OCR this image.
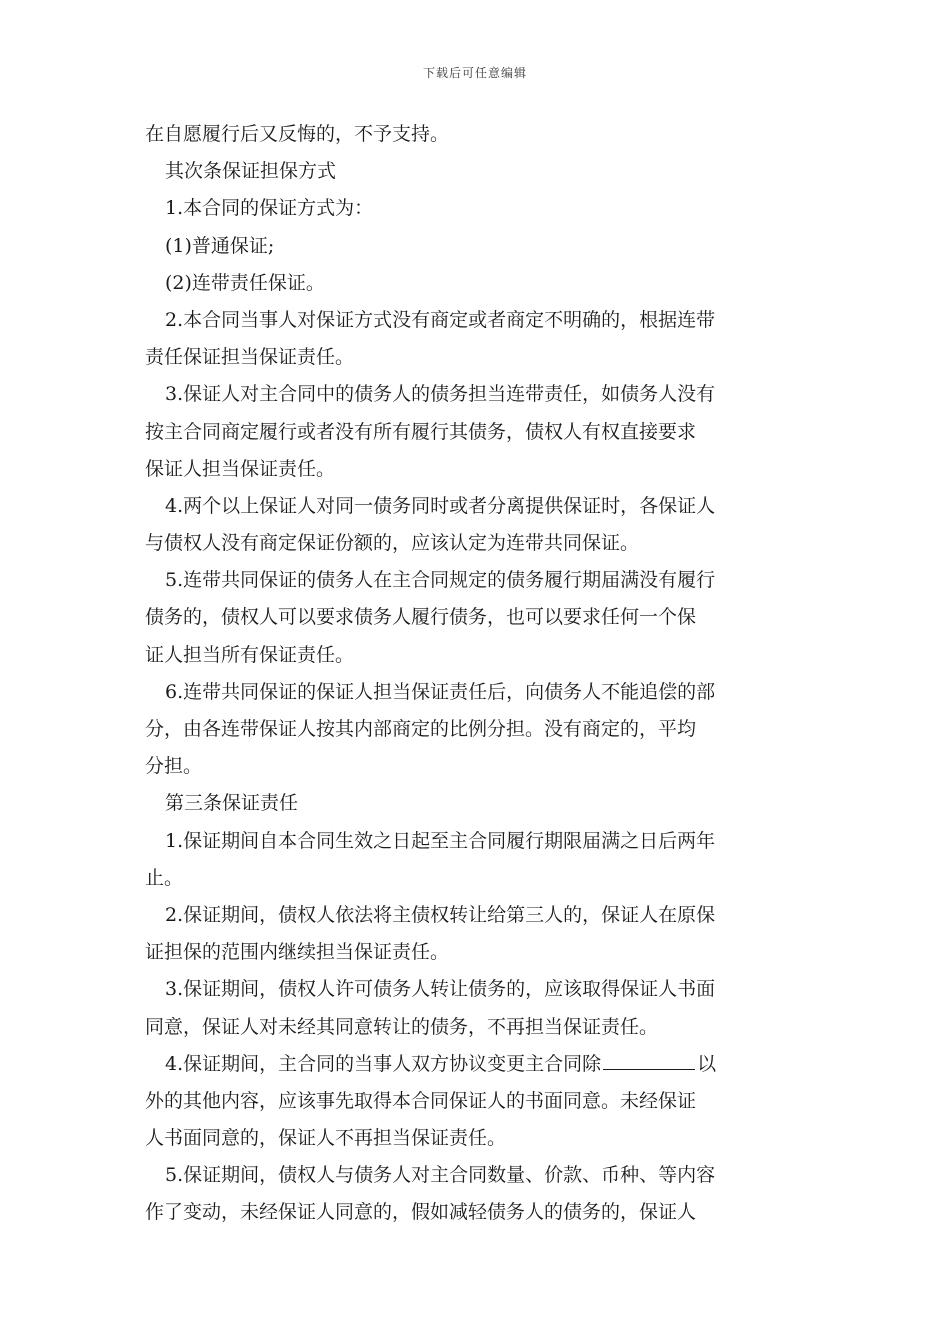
下载后可任意编辑
在自愿履行后又反悔的，不予支持。
其次条保证担保方式
1.本合同的保证方式为：
(1)普通保证;
(2)连带责任保证。
2.本合同当事人对保证方式没有商定或者商定不明确的，根据连带
责任保证担当保证责任。
3.保证人对主合同中的债务人的债务担当连带责任，如债务人没有
按主合同商定履行或者没有所有履行其债务，债权人有权直接要求
保证人担当保证责任。
4.两个以上保证人对同一债务同时或者分离提供保证时，各保证人
与债权人没有商定保证份额的，应该认定为连带共同保证。
5.连带共同保证的债务人在主合同规定的债务履行期届满没有履行
债务的，债权人可以要求债务人履行债务，也可以要求任何一个保
证人担当所有保证责任。
6.连带共同保证的保证人担当保证责任后，向债务人不能追偿的部
分，由各连带保证人按其内部商定的比例分担。没有商定的，平均
分担。
第三条保证责任
1.保证期间自本合同生效之日起至主合同履行期限届满之日后两年
止。
2.保证期间，债权人依法将主债权转让给第三人的，保证人在原保
证担保的范围内继续担当保证责任。
3.保证期间，债权人许可债务人转让债务的，应该取得保证人书面
同意，保证人对未经其同意转让的债务，不再担当保证责任。
4.保证期间，主合同的当事人双方协议变更主合同除	以
外的其他内容，应该事先取得本合同保证人的书面同意。未经保证
人书面同意的，保证人不再担当保证责任。
5.保证期间，债权人与债务人对主合同数量、价款、币种、等内容
作了变动，未经保证人同意的，假如减轻债务人的债务的，保证人
